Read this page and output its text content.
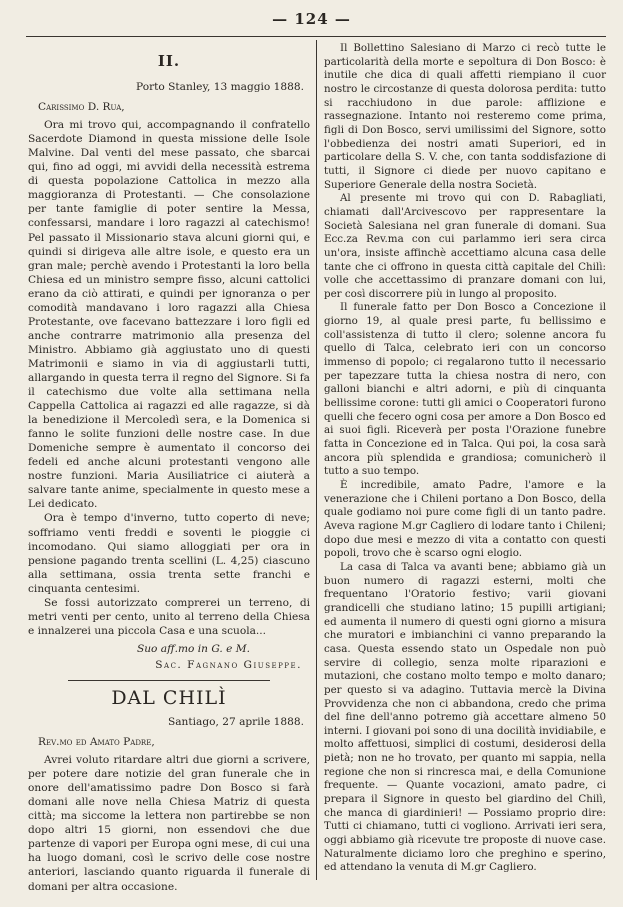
— 124 —
II.
Porto Stanley, 13 maggio 1888.
Carissimo D. Rua,

Ora mi trovo qui, accompagnando il confratello Sacerdote Diamond in questa missione delle Isole Malvine. Dal venti del mese passato, che sbarcai qui, fino ad oggi, mi avvidi della necessità estrema di questa popolazione Cattolica in mezzo alla maggioranza di Protestanti. — Che consolazione per tante famiglie di poter sentire la Messa, confessarsi, mandare i loro ragazzi al catechismo! Pel passato il Missionario stava alcuni giorni qui, e quindi si dirigeva alle altre isole, e questo era un gran male; perchè avendo i Protestanti la loro bella Chiesa ed un ministro sempre fisso, alcuni cattolici erano da ciò attirati, e quindi per ignoranza o per comodità mandavano i loro ragazzi alla Chiesa Protestante, ove facevano battezzare i loro figli ed anche contrarre matrimonio alla presenza del Ministro. Abbiamo già aggiustato uno di questi Matrimonii e siamo in via di aggiustarli tutti, allargando in questa terra il regno del Signore. Si fa il catechismo due volte alla settimana nella Cappella Cattolica ai ragazzi ed alle ragazze, si dà la benedizione il Mercoledì sera, e la Domenica si fanno le solite funzioni delle nostre case. In due Domeniche sempre è aumentato il concorso dei fedeli ed anche alcuni protestanti vengono alle nostre funzioni. Maria Ausiliatrice ci aiuterà a salvare tante anime, specialmente in questo mese a Lei dedicato.

Ora è tempo d'inverno, tutto coperto di neve; soffriamo venti freddi e soventi le pioggie ci incomodano. Qui siamo alloggiati per ora in pensione pagando trenta scellini (L. 4,25) ciascuno alla settimana, ossia trenta sette franchi e cinquanta centesimi.

Se fossi autorizzato comprerei un terreno, di metri venti per cento, unito al terreno della Chiesa e innalzerei una piccola Casa e una scuola...

Suo aff.mo in G. e M.
Sac. Fagnano Giuseppe.
DAL CHILÌ
Santiago, 27 aprile 1888.
Rev.mo ed Amato Padre,

Avrei voluto ritardare altri due giorni a scrivere, per potere dare notizie del gran funerale che in onore dell'amatissimo padre Don Bosco si farà domani alle nove nella Chiesa Matriz di questa città; ma siccome la lettera non partirebbe se non dopo altri 15 giorni, non essendovi che due partenze di vapori per Europa ogni mese, di cui una ha luogo domani, così le scrivo delle cose nostre anteriori, lasciando quanto riguarda il funerale di domani per altra occasione.

Il Bollettino Salesiano di Marzo ci recò tutte le particolarità della morte e sepoltura di Don Bosco: è inutile che dica di quali affetti riempiano il cuor nostro le circostanze di questa dolorosa perdita: tutto si racchiudono in due parole: afflizione e rassegnazione. Intanto noi resteremo come prima, figli di Don Bosco, servi umilissimi del Signore, sotto l'obbedienza dei nostri amati Superiori, ed in particolare della S. V. che, con tanta soddisfazione di tutti, il Signore ci diede per nuovo capitano e Superiore Generale della nostra Società.

Al presente mi trovo qui con D. Rabagliati, chiamati dall'Arcivescovo per rappresentare la Società Salesiana nel gran funerale di domani. Sua Ecc.za Rev.ma con cui parlammo ieri sera circa un'ora, insiste affinchè accettiamo alcuna casa delle tante che ci offrono in questa città capitale del Chilì: volle che accettassimo di pranzare domani con lui, per così discorrere più in lungo al proposito.

Il funerale fatto per Don Bosco a Concezione il giorno 19, al quale presi parte, fu bellissimo e coll'assistenza di tutto il clero; solenne ancora fu quello di Talca, celebrato ieri con un concorso immenso di popolo; ci regalarono tutto il necessario per tapezzare tutta la chiesa nostra di nero, con galloni bianchi e altri adorni, e più di cinquanta bellissime corone: tutti gli amici o Cooperatori furono quelli che fecero ogni cosa per amore a Don Bosco ed ai suoi figli. Riceverà per posta l'Orazione funebre fatta in Concezione ed in Talca. Qui poi, la cosa sarà ancora più splendida e grandiosa; comunicherò il tutto a suo tempo.

È incredibile, amato Padre, l'amore e la venerazione che i Chileni portano a Don Bosco, della quale godiamo noi pure come figli di un tanto padre. Aveva ragione M.gr Cagliero di lodare tanto i Chileni; dopo due mesi e mezzo di vita a contatto con questi popoli, trovo che è scarso ogni elogio.

La casa di Talca va avanti bene; abbiamo già un buon numero di ragazzi esterni, molti che frequentano l'Oratorio festivo; varii giovani grandicelli che studiano latino; 15 pupilli artigiani; ed aumenta il numero di questi ogni giorno a misura che muratori e imbianchini ci vanno preparando la casa. Questa essendo stato un Ospedale non può servire di collegio, senza molte riparazioni e mutazioni, che costano molto tempo e molto danaro; per questo si va adagino. Tuttavia mercè la Divina Provvidenza che non ci abbandona, credo che prima del fine dell'anno potremo già accettare almeno 50 interni. I giovani poi sono di una docilità invidiabile, e molto affettuosi, simplici di costumi, desiderosi della pietà; non ne ho trovato, per quanto mi sappia, nella regione che non si rincresca mai, e della Comunione frequente. — Quante vocazioni, amato padre, ci prepara il Signore in questo bel giardino del Chilì, che manca di giardinieri! — Possiamo proprio dire: Tutti ci chiamano, tutti ci vogliono. Arrivati ieri sera, oggi abbiamo già ricevute tre proposte di nuove case. Naturalmente diciamo loro che preghino e sperino, ed attendano la venuta di M.gr Cagliero.
